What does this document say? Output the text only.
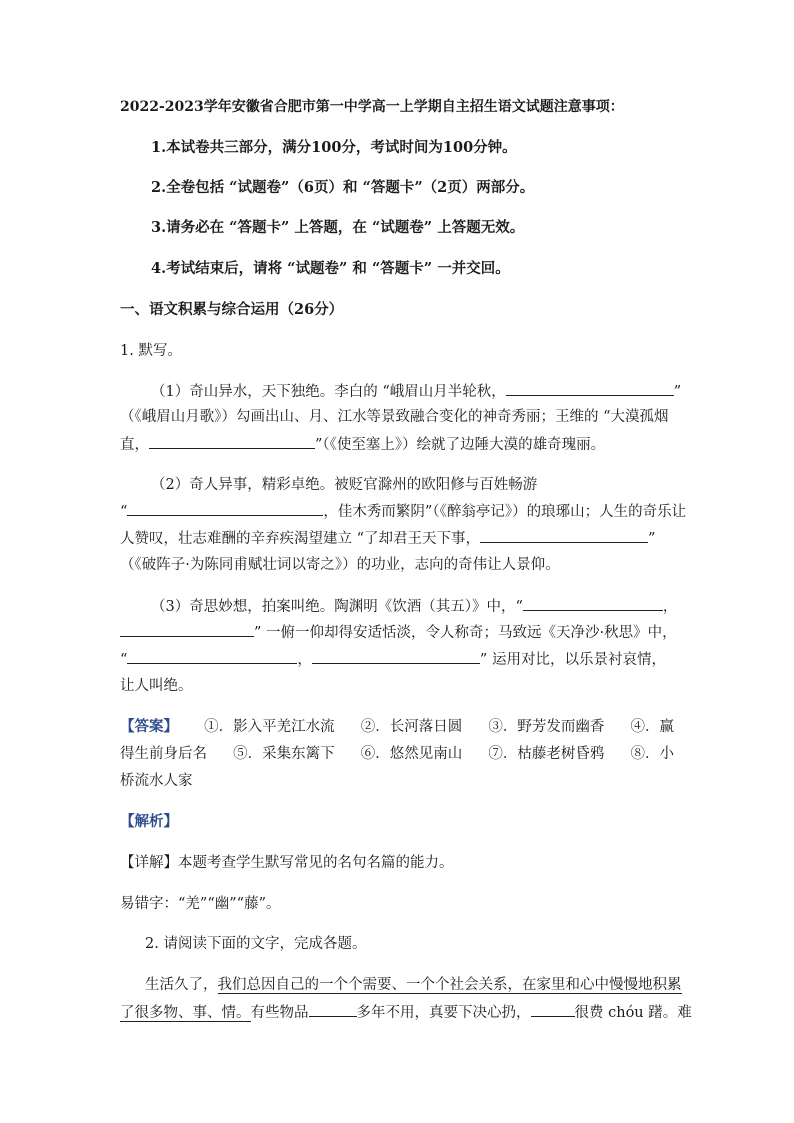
2022-2023学年安徽省合肥市第一中学高一上学期自主招生语文试题注意事项：
1.本试卷共三部分，满分100分，考试时间为100分钟。
2.全卷包括 “试题卷”（6页）和 “答题卡”（2页）两部分。
3.请务必在 “答题卡” 上答题，在 “试题卷” 上答题无效。
4.考试结束后，请将 “试题卷” 和 “答题卡” 一并交回。
一、语文积累与综合运用（26分）
1. 默写。
（1）奇山异水，天下独绝。李白的 “峨眉山月半轮秋，	”
（《峨眉山月歌》）勾画出山、月、江水等景致融合变化的神奇秀丽；王维的 “大漠孤烟
直，	”（《使至塞上》）绘就了边陲大漠的雄奇瑰丽。
（2）奇人异事，精彩卓绝。被贬官滁州的欧阳修与百姓畅游
“	，佳木秀而繁阴”（《醉翁亭记》）的琅琊山；人生的奇乐让
人赞叹，壮志难酬的辛弃疾渴望建立 “了却君王天下事，	”
（《破阵子·为陈同甫赋壮词以寄之》）的功业，志向的奇伟让人景仰。
（3）奇思妙想，拍案叫绝。陶渊明《饮酒（其五）》中，“	，
” 一俯一仰却得安适恬淡，令人称奇；马致远《天净沙·秋思》中，
“	，	” 运用对比，以乐景衬哀情，
让人叫绝。
【答案】 ①．影入平羌江水流 ②．长河落日圆 ③．野芳发而幽香 ④．赢
得生前身后名 ⑤．采集东篱下 ⑥．悠然见南山 ⑦．枯藤老树昏鸦 ⑧．小
桥流水人家
【解析】
【详解】本题考查学生默写常见的名句名篇的能力。
易错字：“羌”“幽”“藤”。
2. 请阅读下面的文字，完成各题。
生活久了，我们总因自己的一个个需要、一个个社会关系，在家里和心中慢慢地积累
了很多物、事、情。有些物品	多年不用，真要下决心扔，	很费 chóu 躇。难
